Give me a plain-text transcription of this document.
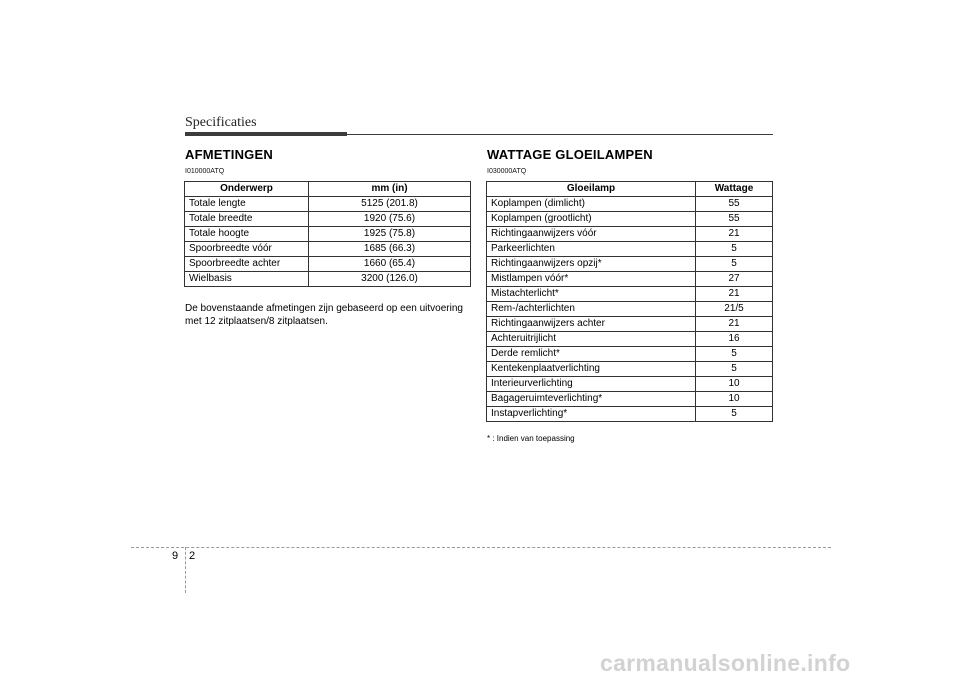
Specificaties
AFMETINGEN
I010000ATQ
Onderwerp	mm (in)
Totale lengte	5125 (201.8)
Totale breedte	1920 (75.6)
Totale hoogte	1925 (75.8)
Spoorbreedte vóór	1685 (66.3)
Spoorbreedte achter	1660 (65.4)
Wielbasis	3200 (126.0)
De bovenstaande afmetingen zijn gebaseerd op een uitvoering met 12 zitplaatsen/8 zitplaatsen.
WATTAGE GLOEILAMPEN
I030000ATQ
Gloeilamp	Wattage
Koplampen (dimlicht)	55
Koplampen (grootlicht)	55
Richtingaanwijzers vóór	21
Parkeerlichten	5
Richtingaanwijzers opzij*	5
Mistlampen vóór*	27
Mistachterlicht*	21
Rem-/achterlichten	21/5
Richtingaanwijzers achter	21
Achteruitrijlicht	16
Derde remlicht*	5
Kentekenplaatverlichting	5
Interieurverlichting	10
Bagageruimteverlichting*	10
Instapverlichting*	5
* : Indien van toepassing
9 2
carmanualsonline.info
